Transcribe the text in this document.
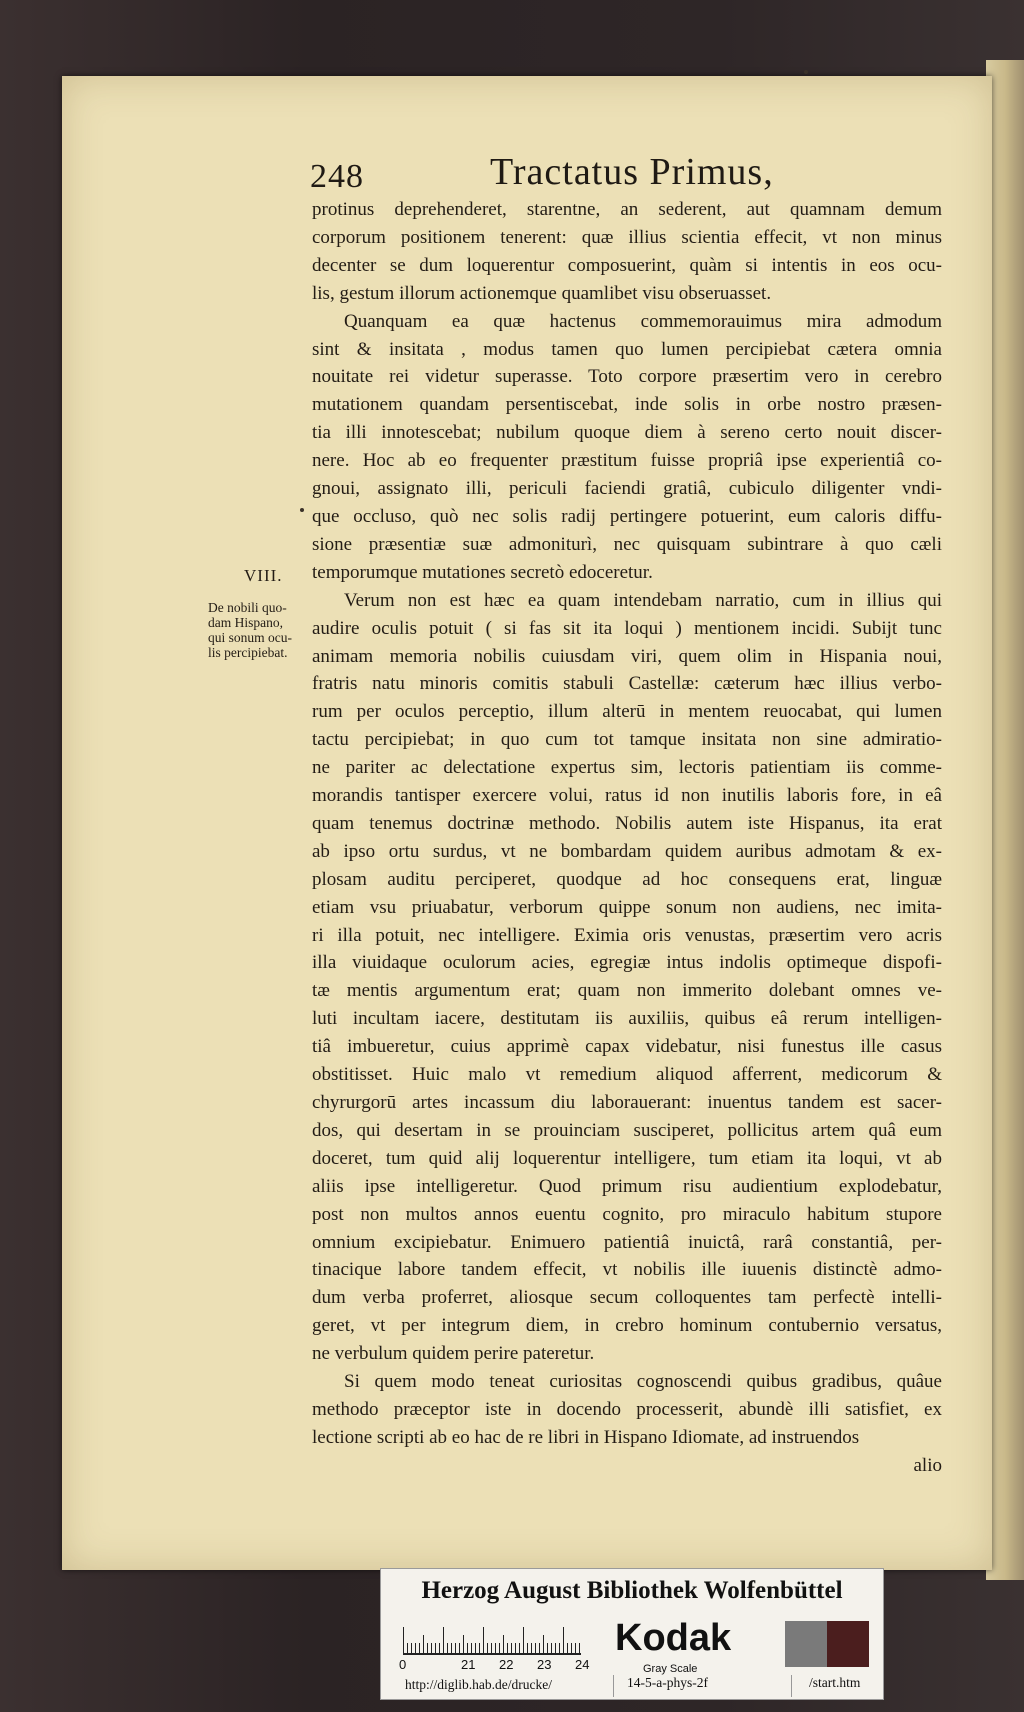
248	Tractatus Primus,
VIII.
De nobili quo-
dam Hispano,
qui sonum ocu-
lis percipiebat.
protinus deprehenderet, starentne, an sederent, aut quamnam demum
corporum positionem tenerent: quæ illius scientia effecit, vt non minus
decenter se dum loquerentur composuerint, quàm si intentis in eos ocu-
lis, gestum illorum actionemque quamlibet visu obseruasset.
Quanquam ea quæ hactenus commemorauimus mira admodum
sint & insitata , modus tamen quo lumen percipiebat cætera omnia
nouitate rei videtur superasse. Toto corpore præsertim vero in cerebro
mutationem quandam persentiscebat, inde solis in orbe nostro præsen-
tia illi innotescebat; nubilum quoque diem à sereno certo nouit discer-
nere. Hoc ab eo frequenter præstitum fuisse propriâ ipse experientiâ co-
gnoui, assignato illi, periculi faciendi gratiâ, cubiculo diligenter vndi-
que occluso, quò nec solis radij pertingere potuerint, eum caloris diffu-
sione præsentiæ suæ admoniturì, nec quisquam subintrare à quo cæli
temporumque mutationes secretò edoceretur.
Verum non est hæc ea quam intendebam narratio, cum in illius qui
audire oculis potuit ( si fas sit ita loqui ) mentionem incidi. Subijt tunc
animam memoria nobilis cuiusdam viri, quem olim in Hispania noui,
fratris natu minoris comitis stabuli Castellæ: cæterum hæc illius verbo-
rum per oculos perceptio, illum alterū in mentem reuocabat, qui lumen
tactu percipiebat; in quo cum tot tamque insitata non sine admiratio-
ne pariter ac delectatione expertus sim, lectoris patientiam iis comme-
morandis tantisper exercere volui, ratus id non inutilis laboris fore, in eâ
quam tenemus doctrinæ methodo. Nobilis autem iste Hispanus, ita erat
ab ipso ortu surdus, vt ne bombardam quidem auribus admotam & ex-
plosam auditu perciperet, quodque ad hoc consequens erat, linguæ
etiam vsu priuabatur, verborum quippe sonum non audiens, nec imita-
ri illa potuit, nec intelligere. Eximia oris venustas, præsertim vero acris
illa viuidaque oculorum acies, egregiæ intus indolis optimeque dispofi-
tæ mentis argumentum erat; quam non immerito dolebant omnes ve-
luti incultam iacere, destitutam iis auxiliis, quibus eâ rerum intelligen-
tiâ imbueretur, cuius apprimè capax videbatur, nisi funestus ille casus
obstitisset. Huic malo vt remedium aliquod afferrent, medicorum &
chyrurgorū artes incassum diu laborauerant: inuentus tandem est sacer-
dos, qui desertam in se prouinciam susciperet, pollicitus artem quâ eum
doceret, tum quid alij loquerentur intelligere, tum etiam ita loqui, vt ab
aliis ipse intelligeretur. Quod primum risu audientium explodebatur,
post non multos annos euentu cognito, pro miraculo habitum stupore
omnium excipiebatur. Enimuero patientiâ inuictâ, rarâ constantiâ, per-
tinacique labore tandem effecit, vt nobilis ille iuuenis distinctè admo-
dum verba proferret, aliosque secum colloquentes tam perfectè intelli-
geret, vt per integrum diem, in crebro hominum contubernio versatus,
ne verbulum quidem perire pateretur.
Si quem modo teneat curiositas cognoscendi quibus gradibus, quâue
methodo præceptor iste in docendo processerit, abundè illi satisfiet, ex
lectione scripti ab eo hac de re libri in Hispano Idiomate, ad instruendos
alio
Herzog August Bibliothek Wolfenbüttel
0	21 22 23 24
Kodak
Gray Scale
http://diglib.hab.de/drucke/	14-5-a-phys-2f	/start.htm
